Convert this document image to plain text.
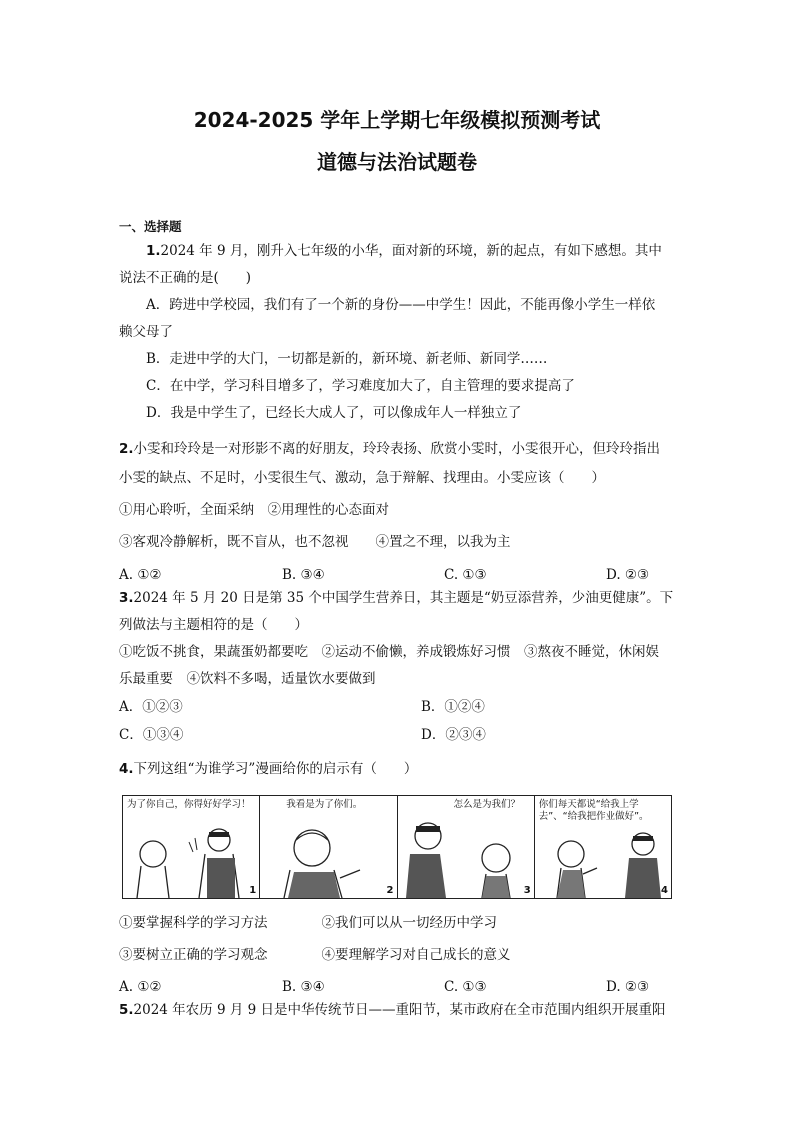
2024-2025 学年上学期七年级模拟预测考试
道德与法治试题卷
一、选择题
1.2024 年 9 月，刚升入七年级的小华，面对新的环境，新的起点，有如下感想。其中
说法不正确的是(　　)
A．跨进中学校园，我们有了一个新的身份——中学生！因此，不能再像小学生一样依
赖父母了
B．走进中学的大门，一切都是新的，新环境、新老师、新同学……
C．在中学，学习科目增多了，学习难度加大了，自主管理的要求提高了
D．我是中学生了，已经长大成人了，可以像成年人一样独立了
2.小雯和玲玲是一对形影不离的好朋友，玲玲表扬、欣赏小雯时，小雯很开心，但玲玲指出
小雯的缺点、不足时，小雯很生气、激动，急于辩解、找理由。小雯应该（　　）
①用心聆听，全面采纳　②用理性的心态面对
③客观冷静解析，既不盲从，也不忽视　　④置之不理，以我为主
A. ①②	B. ③④	C. ①③	D. ②③
3.2024 年 5 月 20 日是第 35 个中国学生营养日，其主题是“奶豆添营养，少油更健康”。下
列做法与主题相符的是（　　）
①吃饭不挑食，果蔬蛋奶都要吃　②运动不偷懒，养成锻炼好习惯　③熬夜不睡觉，休闲娱
乐最重要　④饮料不多喝，适量饮水要做到
A．①②③	B．①②④
C．①③④	D．②③④
4.下列这组“为谁学习”漫画给你的启示有（　　）
为了你自己，你得好好学习！
1
我看是为了你们。
2
怎么是为我们？
3
你们每天都说“给我上学去”、“给我把作业做好”。
4
①要掌握科学的学习方法　　　　②我们可以从一切经历中学习
③要树立正确的学习观念　　　　④要理解学习对自己成长的意义
A. ①②	B. ③④	C. ①③	D. ②③
5.2024 年农历 9 月 9 日是中华传统节日——重阳节，某市政府在全市范围内组织开展重阳
